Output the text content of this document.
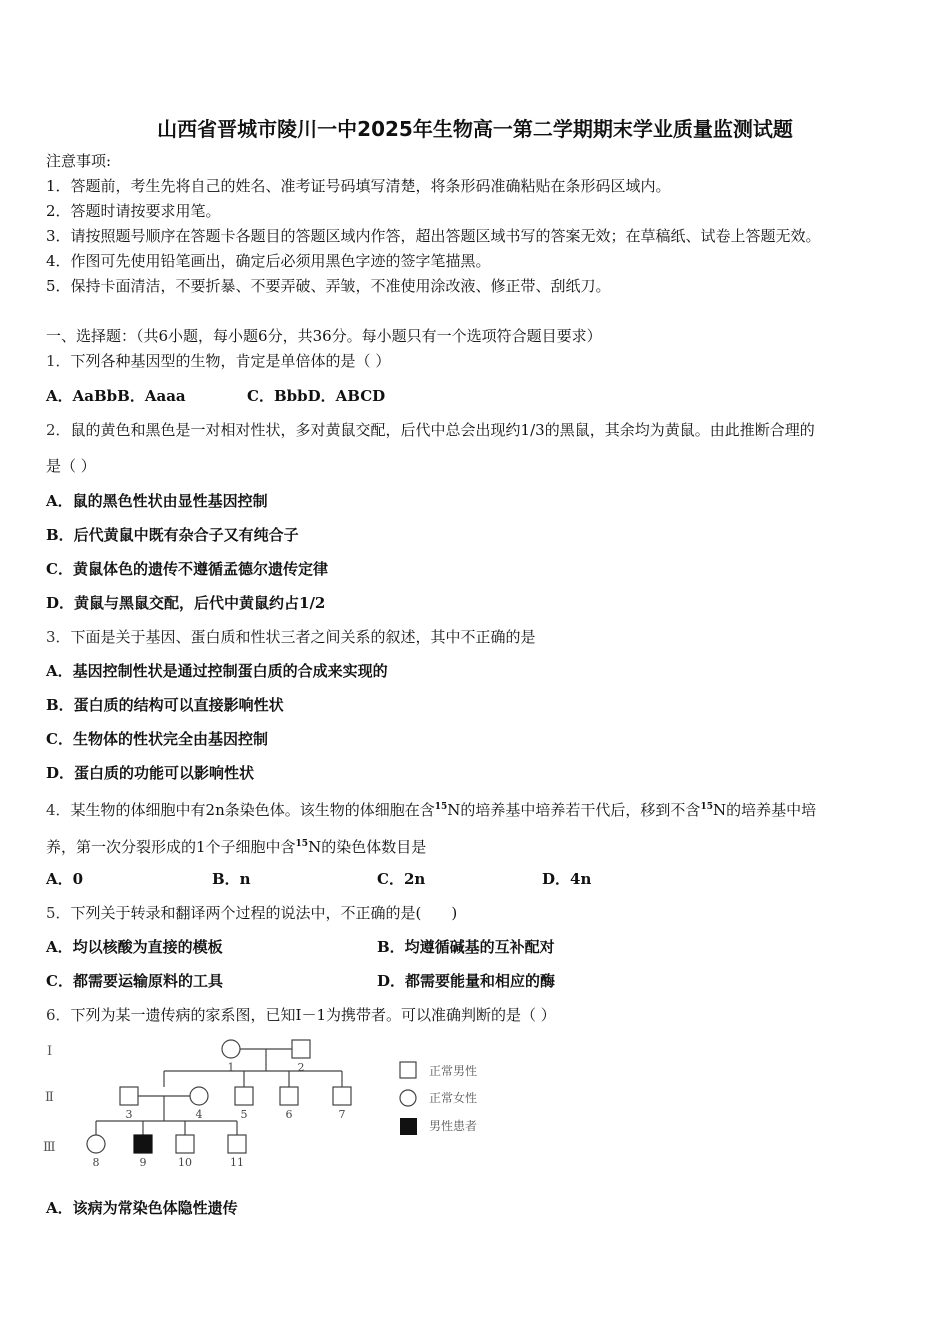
山西省晋城市陵川一中2025年生物高一第二学期期末学业质量监测试题
注意事项:
1．答题前，考生先将自己的姓名、准考证号码填写清楚，将条形码准确粘贴在条形码区域内。
2．答题时请按要求用笔。
3．请按照题号顺序在答题卡各题目的答题区域内作答，超出答题区域书写的答案无效；在草稿纸、试卷上答题无效。
4．作图可先使用铅笔画出，确定后必须用黑色字迹的签字笔描黑。
5．保持卡面清洁，不要折暴、不要弄破、弄皱，不准使用涂改液、修正带、刮纸刀。
一、选择题：（共6小题，每小题6分，共36分。每小题只有一个选项符合题目要求）
1．下列各种基因型的生物，肯定是单倍体的是（ ）
A．AaBbB．Aaaa	C．BbbD．ABCD
2．鼠的黄色和黑色是一对相对性状，多对黄鼠交配，后代中总会出现约1/3的黑鼠，其余均为黄鼠。由此推断合理的
是（ ）
A．鼠的黑色性状由显性基因控制
B．后代黄鼠中既有杂合子又有纯合子
C．黄鼠体色的遗传不遵循孟德尔遗传定律
D．黄鼠与黑鼠交配，后代中黄鼠约占1/2
3．下面是关于基因、蛋白质和性状三者之间关系的叙述，其中不正确的是
A．基因控制性状是通过控制蛋白质的合成来实现的
B．蛋白质的结构可以直接影响性状
C．生物体的性状完全由基因控制
D．蛋白质的功能可以影响性状
4．某生物的体细胞中有2n条染色体。该生物的体细胞在含$^{15}$N的培养基中培养若干代后，移到不含$^{15}$N的培养基中培
养，第一次分裂形成的1个子细胞中含$^{15}$N的染色体数目是
A．0	B．n	C．2n	D．4n
5．下列关于转录和翻译两个过程的说法中，不正确的是(　　)
A．均以核酸为直接的模板	B．均遵循碱基的互补配对
C．都需要运输原料的工具	D．都需要能量和相应的酶
6．下列为某一遗传病的家系图，已知Ⅰ－1为携带者。可以准确判断的是（ ）
Ⅰ
Ⅱ
Ⅲ
1	2
3	4	5	6	7
8	9	10	11
正常男性
正常女性
男性患者
A．该病为常染色体隐性遗传
